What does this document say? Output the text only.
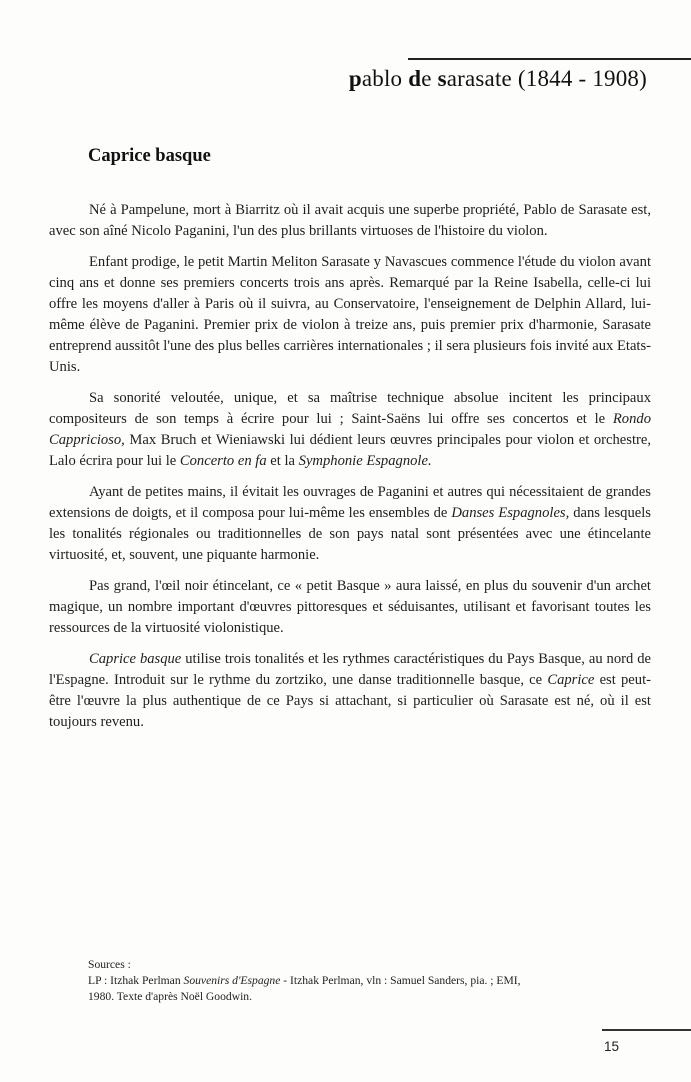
pablo de sarasate (1844 - 1908)
Caprice basque

Né à Pampelune, mort à Biarritz où il avait acquis une superbe propriété, Pablo de Sarasate est, avec son aîné Nicolo Paganini, l'un des plus brillants virtuoses de l'histoire du violon.

Enfant prodige, le petit Martin Meliton Sarasate y Navascues commence l'étude du violon avant cinq ans et donne ses premiers concerts trois ans après. Remarqué par la Reine Isabella, celle-ci lui offre les moyens d'aller à Paris où il suivra, au Conservatoire, l'enseignement de Delphin Allard, lui-même élève de Paganini. Premier prix de violon à treize ans, puis premier prix d'harmonie, Sarasate entreprend aussitôt l'une des plus belles carrières internationales ; il sera plusieurs fois invité aux Etats-Unis.

Sa sonorité veloutée, unique, et sa maîtrise technique absolue incitent les principaux compositeurs de son temps à écrire pour lui ; Saint-Saëns lui offre ses concertos et le Rondo Cappricioso, Max Bruch et Wieniawski lui dédient leurs œuvres principales pour violon et orchestre, Lalo écrira pour lui le Concerto en fa et la Symphonie Espagnole.

Ayant de petites mains, il évitait les ouvrages de Paganini et autres qui nécessitaient de grandes extensions de doigts, et il composa pour lui-même les ensembles de Danses Espagnoles, dans lesquels les tonalités régionales ou traditionnelles de son pays natal sont présentées avec une étincelante virtuosité, et, souvent, une piquante harmonie.

Pas grand, l'œil noir étincelant, ce « petit Basque » aura laissé, en plus du souvenir d'un archet magique, un nombre important d'œuvres pittoresques et séduisantes, utilisant et favorisant toutes les ressources de la virtuosité violonistique.

Caprice basque utilise trois tonalités et les rythmes caractéristiques du Pays Basque, au nord de l'Espagne. Introduit sur le rythme du zortziko, une danse traditionnelle basque, ce Caprice est peut-être l'œuvre la plus authentique de ce Pays si attachant, si particulier où Sarasate est né, où il est toujours revenu.

Sources :
LP : Itzhak Perlman Souvenirs d'Espagne - Itzhak Perlman, vln : Samuel Sanders, pia. ; EMI, 1980. Texte d'après Noël Goodwin.
15
